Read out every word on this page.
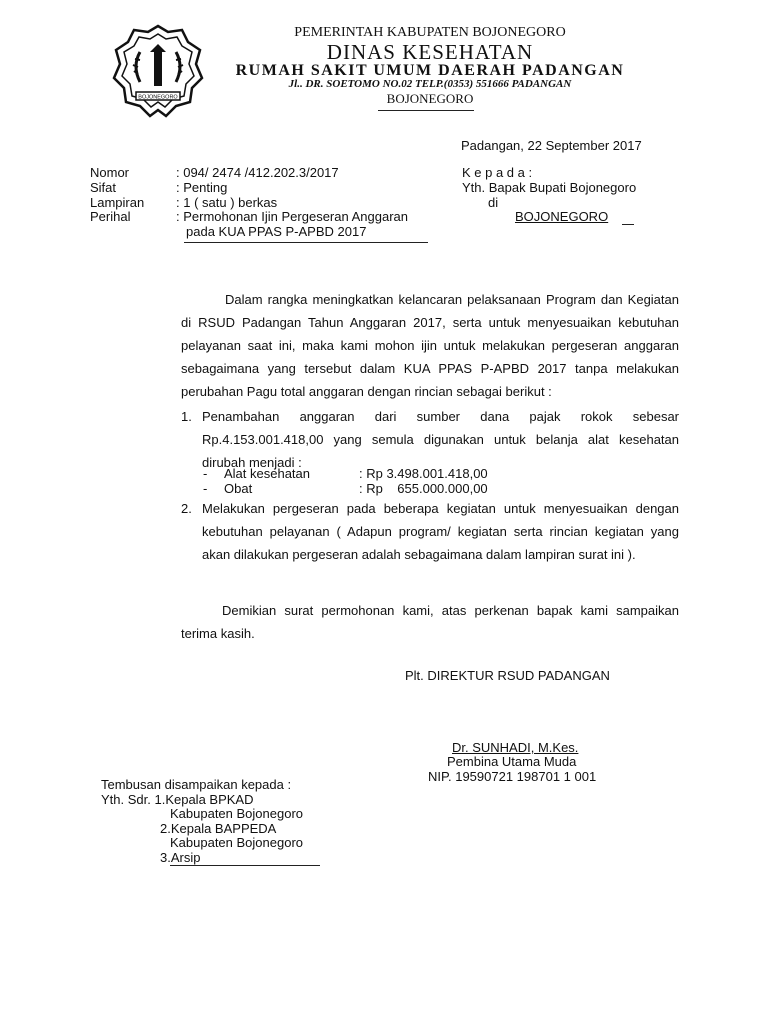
BOJONEGORO
PEMERINTAH KABUPATEN BOJONEGORO
DINAS KESEHATAN
RUMAH SAKIT UMUM DAERAH PADANGAN
Jl.. DR. SOETOMO NO.02 TELP.(0353) 551666 PADANGAN
BOJONEGORO
Padangan, 22 September 2017
Nomor	: 094/ 2474 /412.202.3/2017
Sifat	: Penting
Lampiran : 1 ( satu ) berkas
Perihal	: Permohonan Ijin Pergeseran Anggaran
pada KUA PPAS P-APBD 2017
K e p a d a :
Yth. Bapak Bupati Bojonegoro
di
BOJONEGORO
Dalam rangka meningkatkan kelancaran pelaksanaan Program dan Kegiatan di RSUD Padangan Tahun Anggaran 2017, serta untuk menyesuaikan kebutuhan pelayanan saat ini, maka kami mohon ijin untuk melakukan pergeseran anggaran sebagaimana yang tersebut dalam KUA PPAS P-APBD 2017 tanpa melakukan perubahan Pagu total anggaran dengan rincian sebagai berikut :
1. Penambahan anggaran dari sumber dana pajak rokok sebesar Rp.4.153.001.418,00 yang semula digunakan untuk belanja alat kesehatan dirubah menjadi :
- Alat kesehatan	: Rp 3.498.001.418,00
- Obat	: Rp    655.000.000,00
2. Melakukan pergeseran pada beberapa kegiatan untuk menyesuaikan dengan kebutuhan pelayanan ( Adapun program/ kegiatan serta rincian kegiatan yang akan dilakukan pergeseran adalah sebagaimana dalam lampiran surat ini ).
Demikian surat permohonan kami, atas perkenan bapak kami sampaikan terima kasih.
Plt. DIREKTUR RSUD PADANGAN
Dr. SUNHADI, M.Kes.
Pembina Utama Muda
NIP. 19590721 198701 1 001
Tembusan disampaikan kepada :
Yth. Sdr. 1.Kepala BPKAD
Kabupaten Bojonegoro
2.Kepala BAPPEDA
Kabupaten Bojonegoro
3.Arsip
